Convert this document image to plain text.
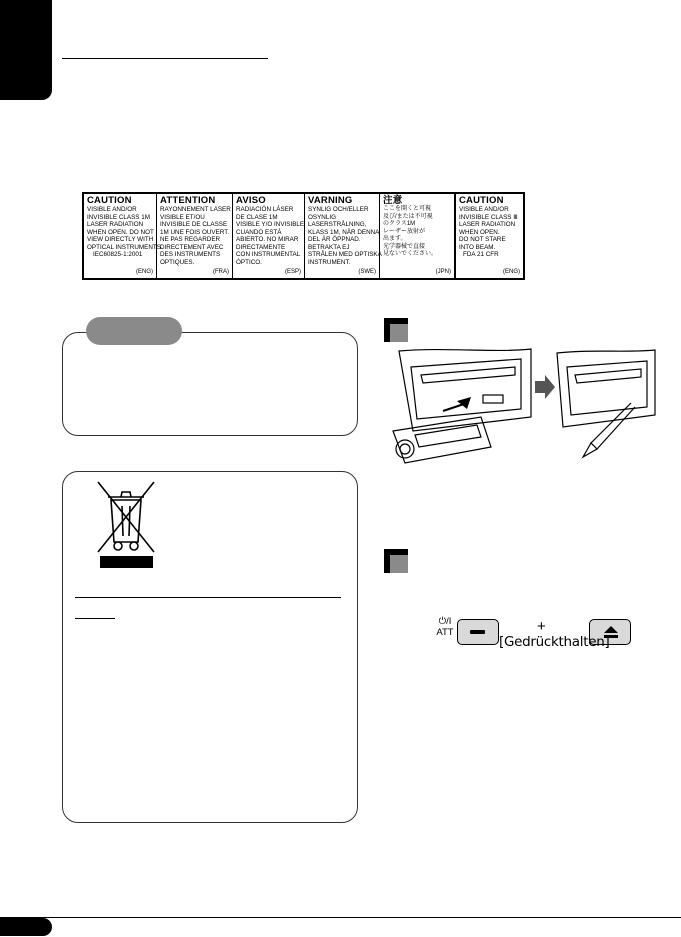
CAUTION
VISIBLE AND/OR
INVISIBLE CLASS 1M
LASER RADIATION
WHEN OPEN. DO NOT
VIEW DIRECTLY WITH
OPTICAL INSTRUMENTS.
IEC60825-1:2001
(ENG)
ATTENTION
RAYONNEMENT LASER
VISIBLE ET/OU
INVISIBLE DE CLASSE
1M UNE FOIS OUVERT.
NE PAS REGARDER
DIRECTEMENT AVEC
DES INSTRUMENTS
OPTIQUES.
(FRA)
AVISO
RADIACIÓN LÁSER
DE CLASE 1M
VISIBLE Y/O INVISIBLE
CUANDO ESTÁ
ABIERTO. NO MIRAR
DIRECTAMENTE
CON INSTRUMENTAL
ÓPTICO.
(ESP)
VARNING
SYNLIG OCH/ELLER
OSYNLIG
LASERSTRÅLNING,
KLASS 1M, NÄR DENNA
DEL ÄR ÖPPNAD.
BETRAKTA EJ
STRÅLEN MED OPTISKA
INSTRUMENT.
(SWE)
注意
ここを開くと可視
及び/または不可視
のクラス1M
レーザー放射が
出ます。
光学器械で直接
見ないでください。
(JPN)
CAUTION
VISIBLE AND/OR
INVISIBLE CLASS Ⅲ
LASER RADIATION
WHEN OPEN.
DO NOT STARE
INTO BEAM.
FDA 21 CFR
(ENG)
⏻/I
ATT	+
[Gedrückthalten]
